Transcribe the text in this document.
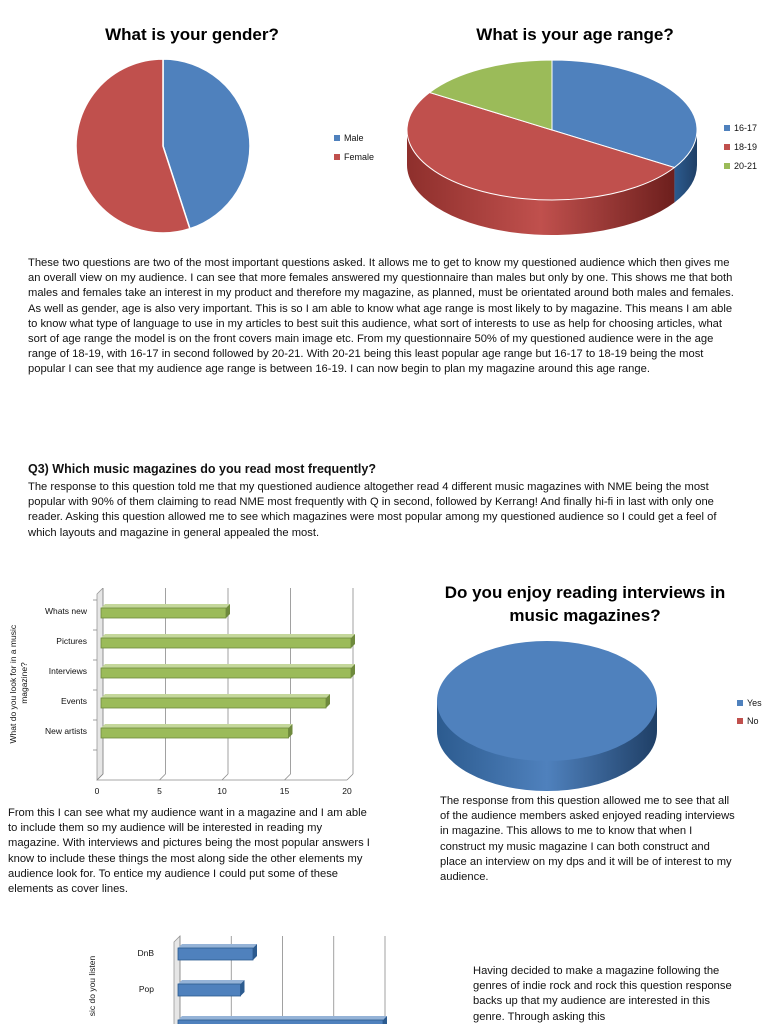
What is your gender?
Male
Female
What is your age range?
16-17
18-19
20-21
These two questions are two of the most important questions asked. It allows me to get to know my questioned audience which then gives me an overall view on my audience. I can see that more females answered my questionnaire than males but only by one. This shows me that both males and females take an interest in my product and therefore my magazine, as planned, must be orientated around both males and females. As well as gender, age is also very important. This is so I am able to know what age range is most likely to by magazine. This means I am able to know what type of language to use in my articles to best suit this audience, what sort of interests to use as help for choosing articles, what sort of age range the model is on the front covers main image etc. From my questionnaire 50% of my questioned audience were in the age range of 18-19, with 16-17 in second followed by 20-21. With 20-21 being this least popular age range but 16-17 to 18-19 being the most popular I can see that my audience age range is between 16-19. I can now begin to plan my magazine around this age range.
Q3) Which music magazines do you read most frequently?
The response to this question told me that my questioned audience altogether read 4 different music magazines with NME being the most popular with 90% of them claiming to read NME most frequently with Q in second, followed by Kerrang! And finally hi-fi in last with only one reader. Asking this question allowed me to see which magazines were most popular among my questioned audience so I could get a feel of which layouts and magazine in general appealed the most.
0	5	10	15	20
Whats new
Pictures
Interviews
Events
New artists
What do you look for in a music magazine?
From this I can see what my audience want in a magazine and I am able to include them so my audience will be interested in reading my magazine. With interviews and pictures being the most popular answers I know to include these things the most along side the other elements my audience look for. To entice my audience I could put some of these elements as cover lines.
Do you enjoy reading interviews in
music magazines?
Yes
No
The response from this question allowed me to see that all of the audience members asked enjoyed reading interviews in magazine. This allows to me to know that when I construct my music magazine I can both construct and place an interview on my dps and it will be of interest to my audience.
DnB
Pop
sic do you listen	Having decided to make a magazine following the genres of indie rock and rock this question response backs up that my audience are interested in this genre. Through asking this
